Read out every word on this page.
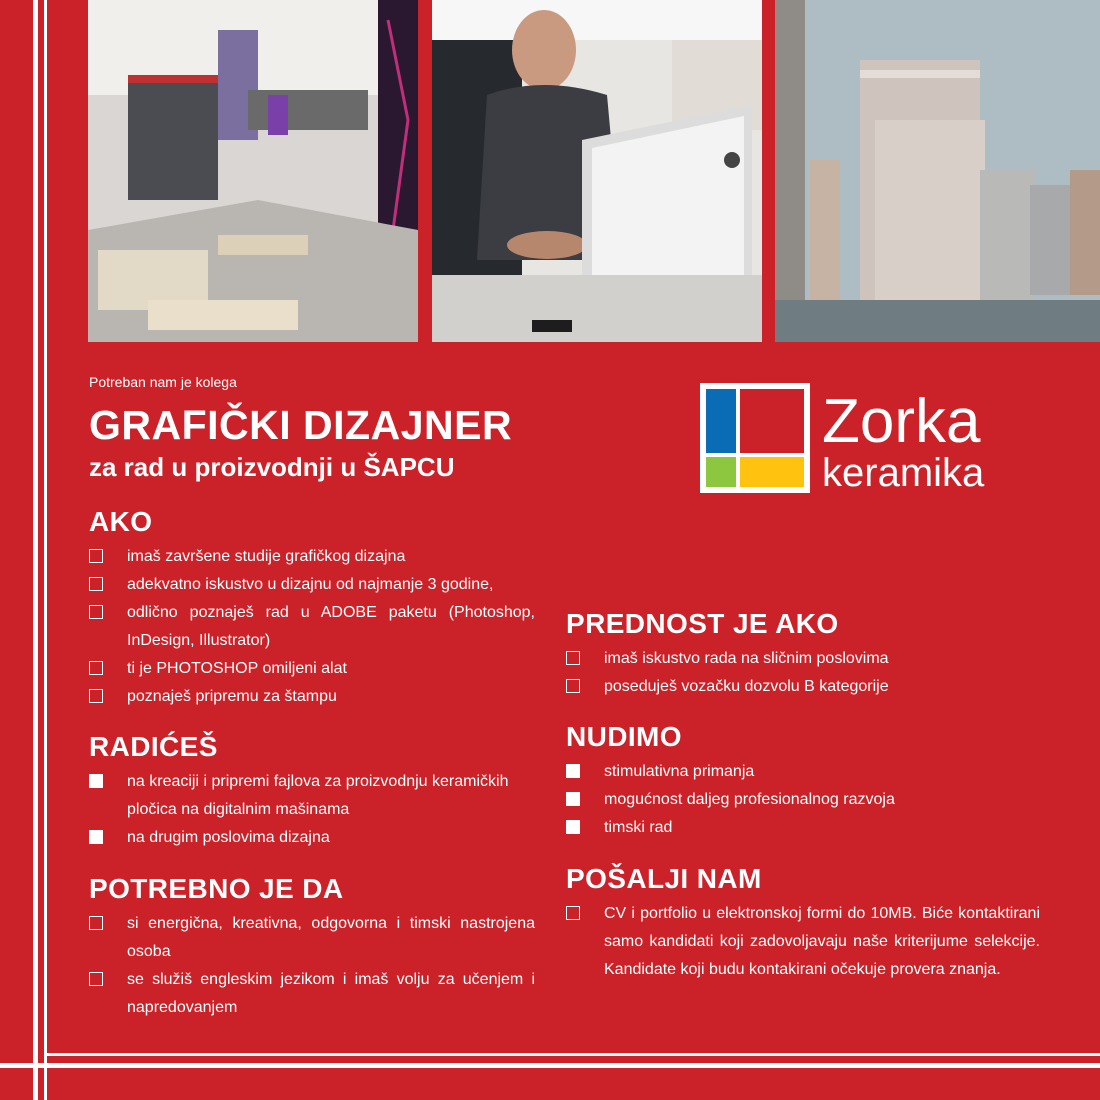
Potreban nam je kolega
GRAFIČKI DIZAJNER
za rad u proizvodnji u ŠAPCU
Zorka
keramika
AKO
imaš završene studije grafičkog dizajna
adekvatno iskustvo u dizajnu od najmanje 3 godine,
odlično poznaješ rad u ADOBE paketu (Photoshop, InDesign, Illustrator)
ti je PHOTOSHOP omiljeni alat
poznaješ pripremu za štampu
RADIĆEŠ
na kreaciji i pripremi fajlova za proizvodnju keramičkih pločica na digitalnim mašinama
na drugim poslovima dizajna
POTREBNO JE DA
si energična, kreativna, odgovorna i timski nastrojena osoba
se služiš engleskim jezikom i imaš volju za učenjem i napredovanjem
PREDNOST JE AKO
imaš iskustvo rada na sličnim poslovima
poseduješ vozačku dozvolu B kategorije
NUDIMO
stimulativna primanja
mogućnost daljeg profesionalnog razvoja
timski rad
POŠALJI NAM
CV i portfolio u elektronskoj formi do 10MB. Biće kontaktirani samo kandidati koji zadovoljavaju naše kriterijume selekcije. Kandidate koji budu kontakirani očekuje provera znanja.
